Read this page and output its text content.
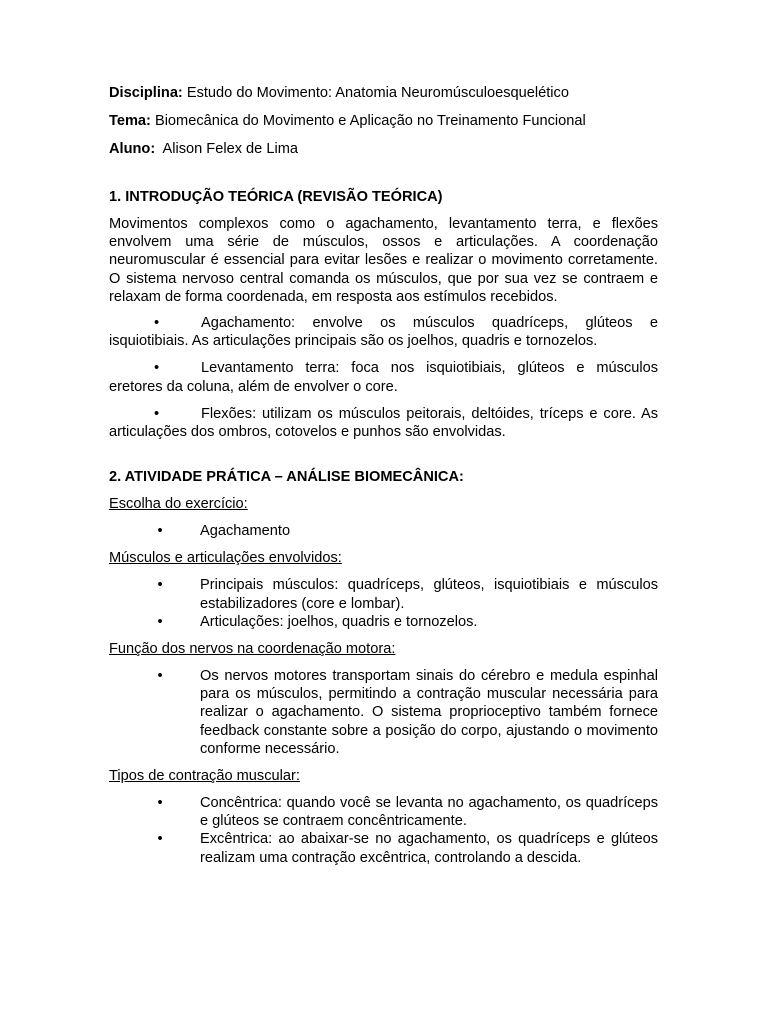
Disciplina: Estudo do Movimento: Anatomia Neuromúsculoesquelético

Tema: Biomecânica do Movimento e Aplicação no Treinamento Funcional

Aluno:  Alison Felex de Lima

1. INTRODUÇÃO TEÓRICA (REVISÃO TEÓRICA)

Movimentos complexos como o agachamento, levantamento terra, e flexões envolvem uma série de músculos, ossos e articulações. A coordenação neuromuscular é essencial para evitar lesões e realizar o movimento corretamente. O sistema nervoso central comanda os músculos, que por sua vez se contraem e relaxam de forma coordenada, em resposta aos estímulos recebidos.

•	Agachamento: envolve os músculos quadríceps, glúteos e isquiotibiais. As articulações principais são os joelhos, quadris e tornozelos.

•	Levantamento terra: foca nos isquiotibiais, glúteos e músculos eretores da coluna, além de envolver o core.

•	Flexões: utilizam os músculos peitorais, deltóides, tríceps e core. As articulações dos ombros, cotovelos e punhos são envolvidas.

2. ATIVIDADE PRÁTICA – ANÁLISE BIOMECÂNICA:

Escolha do exercício:

•	Agachamento

Músculos e articulações envolvidos:

•	Principais músculos: quadríceps, glúteos, isquiotibiais e músculos estabilizadores (core e lombar).
•	Articulações: joelhos, quadris e tornozelos.

Função dos nervos na coordenação motora:

•	Os nervos motores transportam sinais do cérebro e medula espinhal para os músculos, permitindo a contração muscular necessária para realizar o agachamento. O sistema proprioceptivo também fornece feedback constante sobre a posição do corpo, ajustando o movimento conforme necessário.

Tipos de contração muscular:

•	Concêntrica: quando você se levanta no agachamento, os quadríceps e glúteos se contraem concêntricamente.
•	Excêntrica: ao abaixar-se no agachamento, os quadríceps e glúteos realizam uma contração excêntrica, controlando a descida.
